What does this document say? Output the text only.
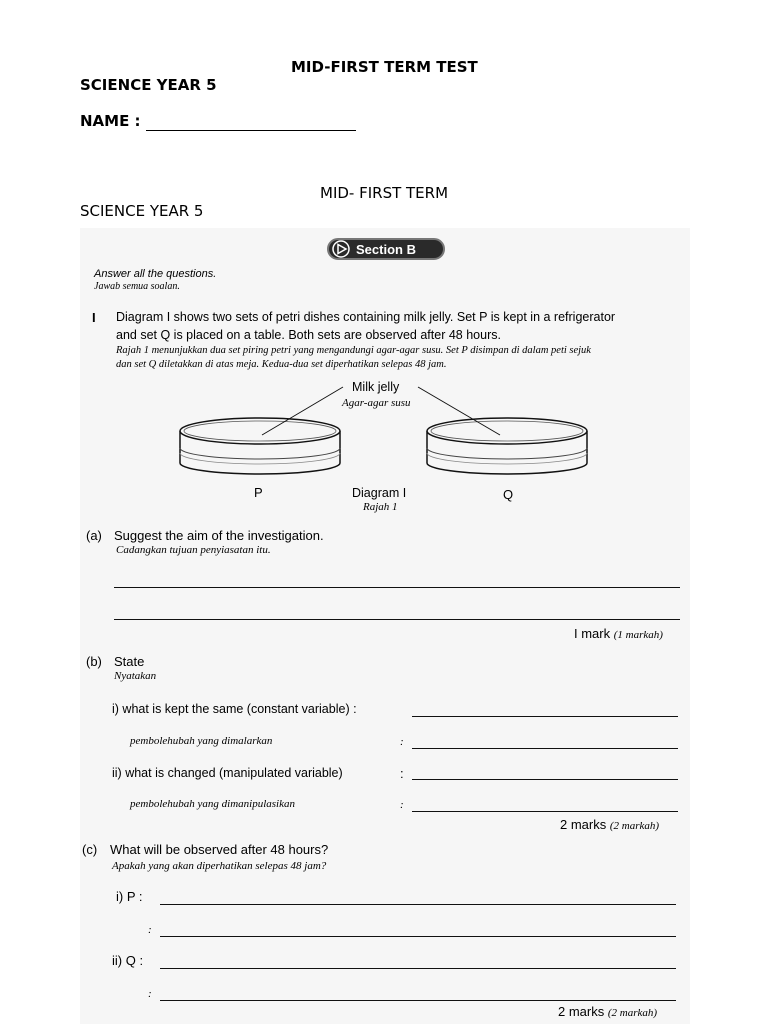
MID-FIRST TERM TEST
SCIENCE YEAR 5
NAME :
MID- FIRST TERM
SCIENCE YEAR 5

Section B
Answer all the questions.
Jawab semua soalan.
I Diagram I shows two sets of petri dishes containing milk jelly. Set P is kept in a refrigerator
and set Q is placed on a table. Both sets are observed after 48 hours.
Rajah 1 menunjukkan dua set piring petri yang mengandungi agar-agar susu. Set P disimpan di dalam peti sejuk
dan set Q diletakkan di atas meja. Kedua-dua set diperhatikan selepas 48 jam.
Milk jelly
Agar-agar susu
P	Q
Diagram I
Rajah 1
(a) Suggest the aim of the investigation.
Cadangkan tujuan penyiasatan itu.
I mark (1 markah)
(b) State
Nyatakan
i) what is kept the same (constant variable) :
pembolehubah yang dimalarkan	:
ii) what is changed (manipulated variable)	:
pembolehubah yang dimanipulasikan	:
2 marks (2 markah)
(c) What will be observed after 48 hours?
Apakah yang akan diperhatikan selepas 48 jam?
i) P :
:
ii) Q :
:
2 marks (2 markah)
